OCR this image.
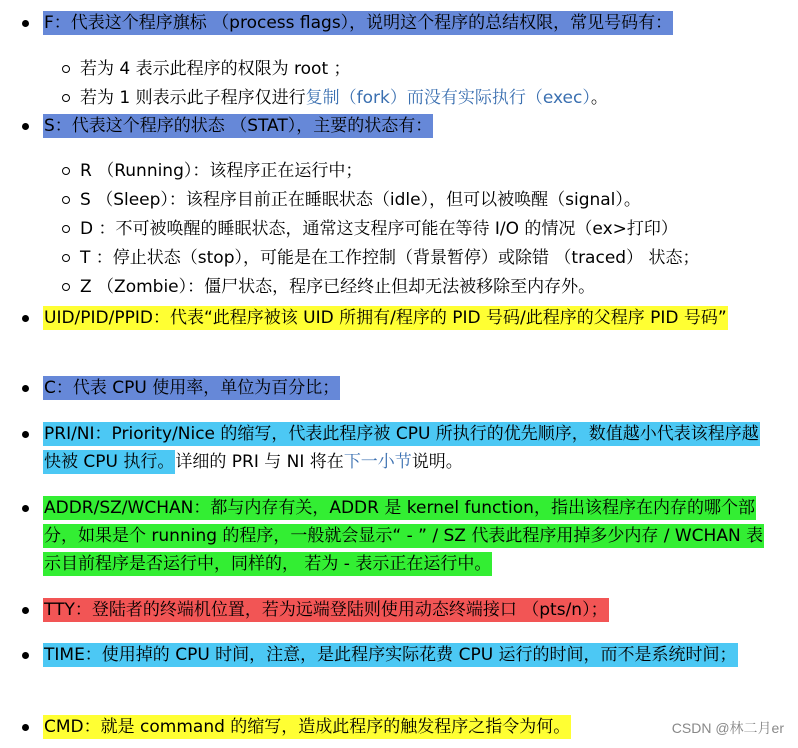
F：代表这个程序旗标 （process flags），说明这个程序的总结权限，常见号码有：
若为 4 表示此程序的权限为 root ；
若为 1 则表示此子程序仅进行复制（fork）而没有实际执行（exec）。
S：代表这个程序的状态 （STAT），主要的状态有：
R （Running）：该程序正在运行中；
S （Sleep）：该程序目前正在睡眠状态（idle），但可以被唤醒（signal）。
D ：不可被唤醒的睡眠状态，通常这支程序可能在等待 I/O 的情况（ex>打印）
T ：停止状态（stop），可能是在工作控制（背景暂停）或除错 （traced） 状态；
Z （Zombie）：僵尸状态，程序已经终止但却无法被移除至内存外。
UID/PID/PPID：代表“此程序被该 UID 所拥有/程序的 PID 号码/此程序的父程序 PID 号码”
C：代表 CPU 使用率，单位为百分比；
PRI/NI：Priority/Nice 的缩写，代表此程序被 CPU 所执行的优先顺序，数值越小代表该程序越快被 CPU 执行。详细的 PRI 与 NI 将在下一小节说明。
ADDR/SZ/WCHAN：都与内存有关，ADDR 是 kernel function，指出该程序在内存的哪个部分，如果是个 running 的程序，一般就会显示“ - ” / SZ 代表此程序用掉多少内存 / WCHAN 表示目前程序是否运行中，同样的， 若为 - 表示正在运行中。
TTY：登陆者的终端机位置，若为远端登陆则使用动态终端接口 （pts/n）；
TIME：使用掉的 CPU 时间，注意，是此程序实际花费 CPU 运行的时间，而不是系统时间；
CMD：就是 command 的缩写，造成此程序的触发程序之指令为何。	CSDN @林二月er
